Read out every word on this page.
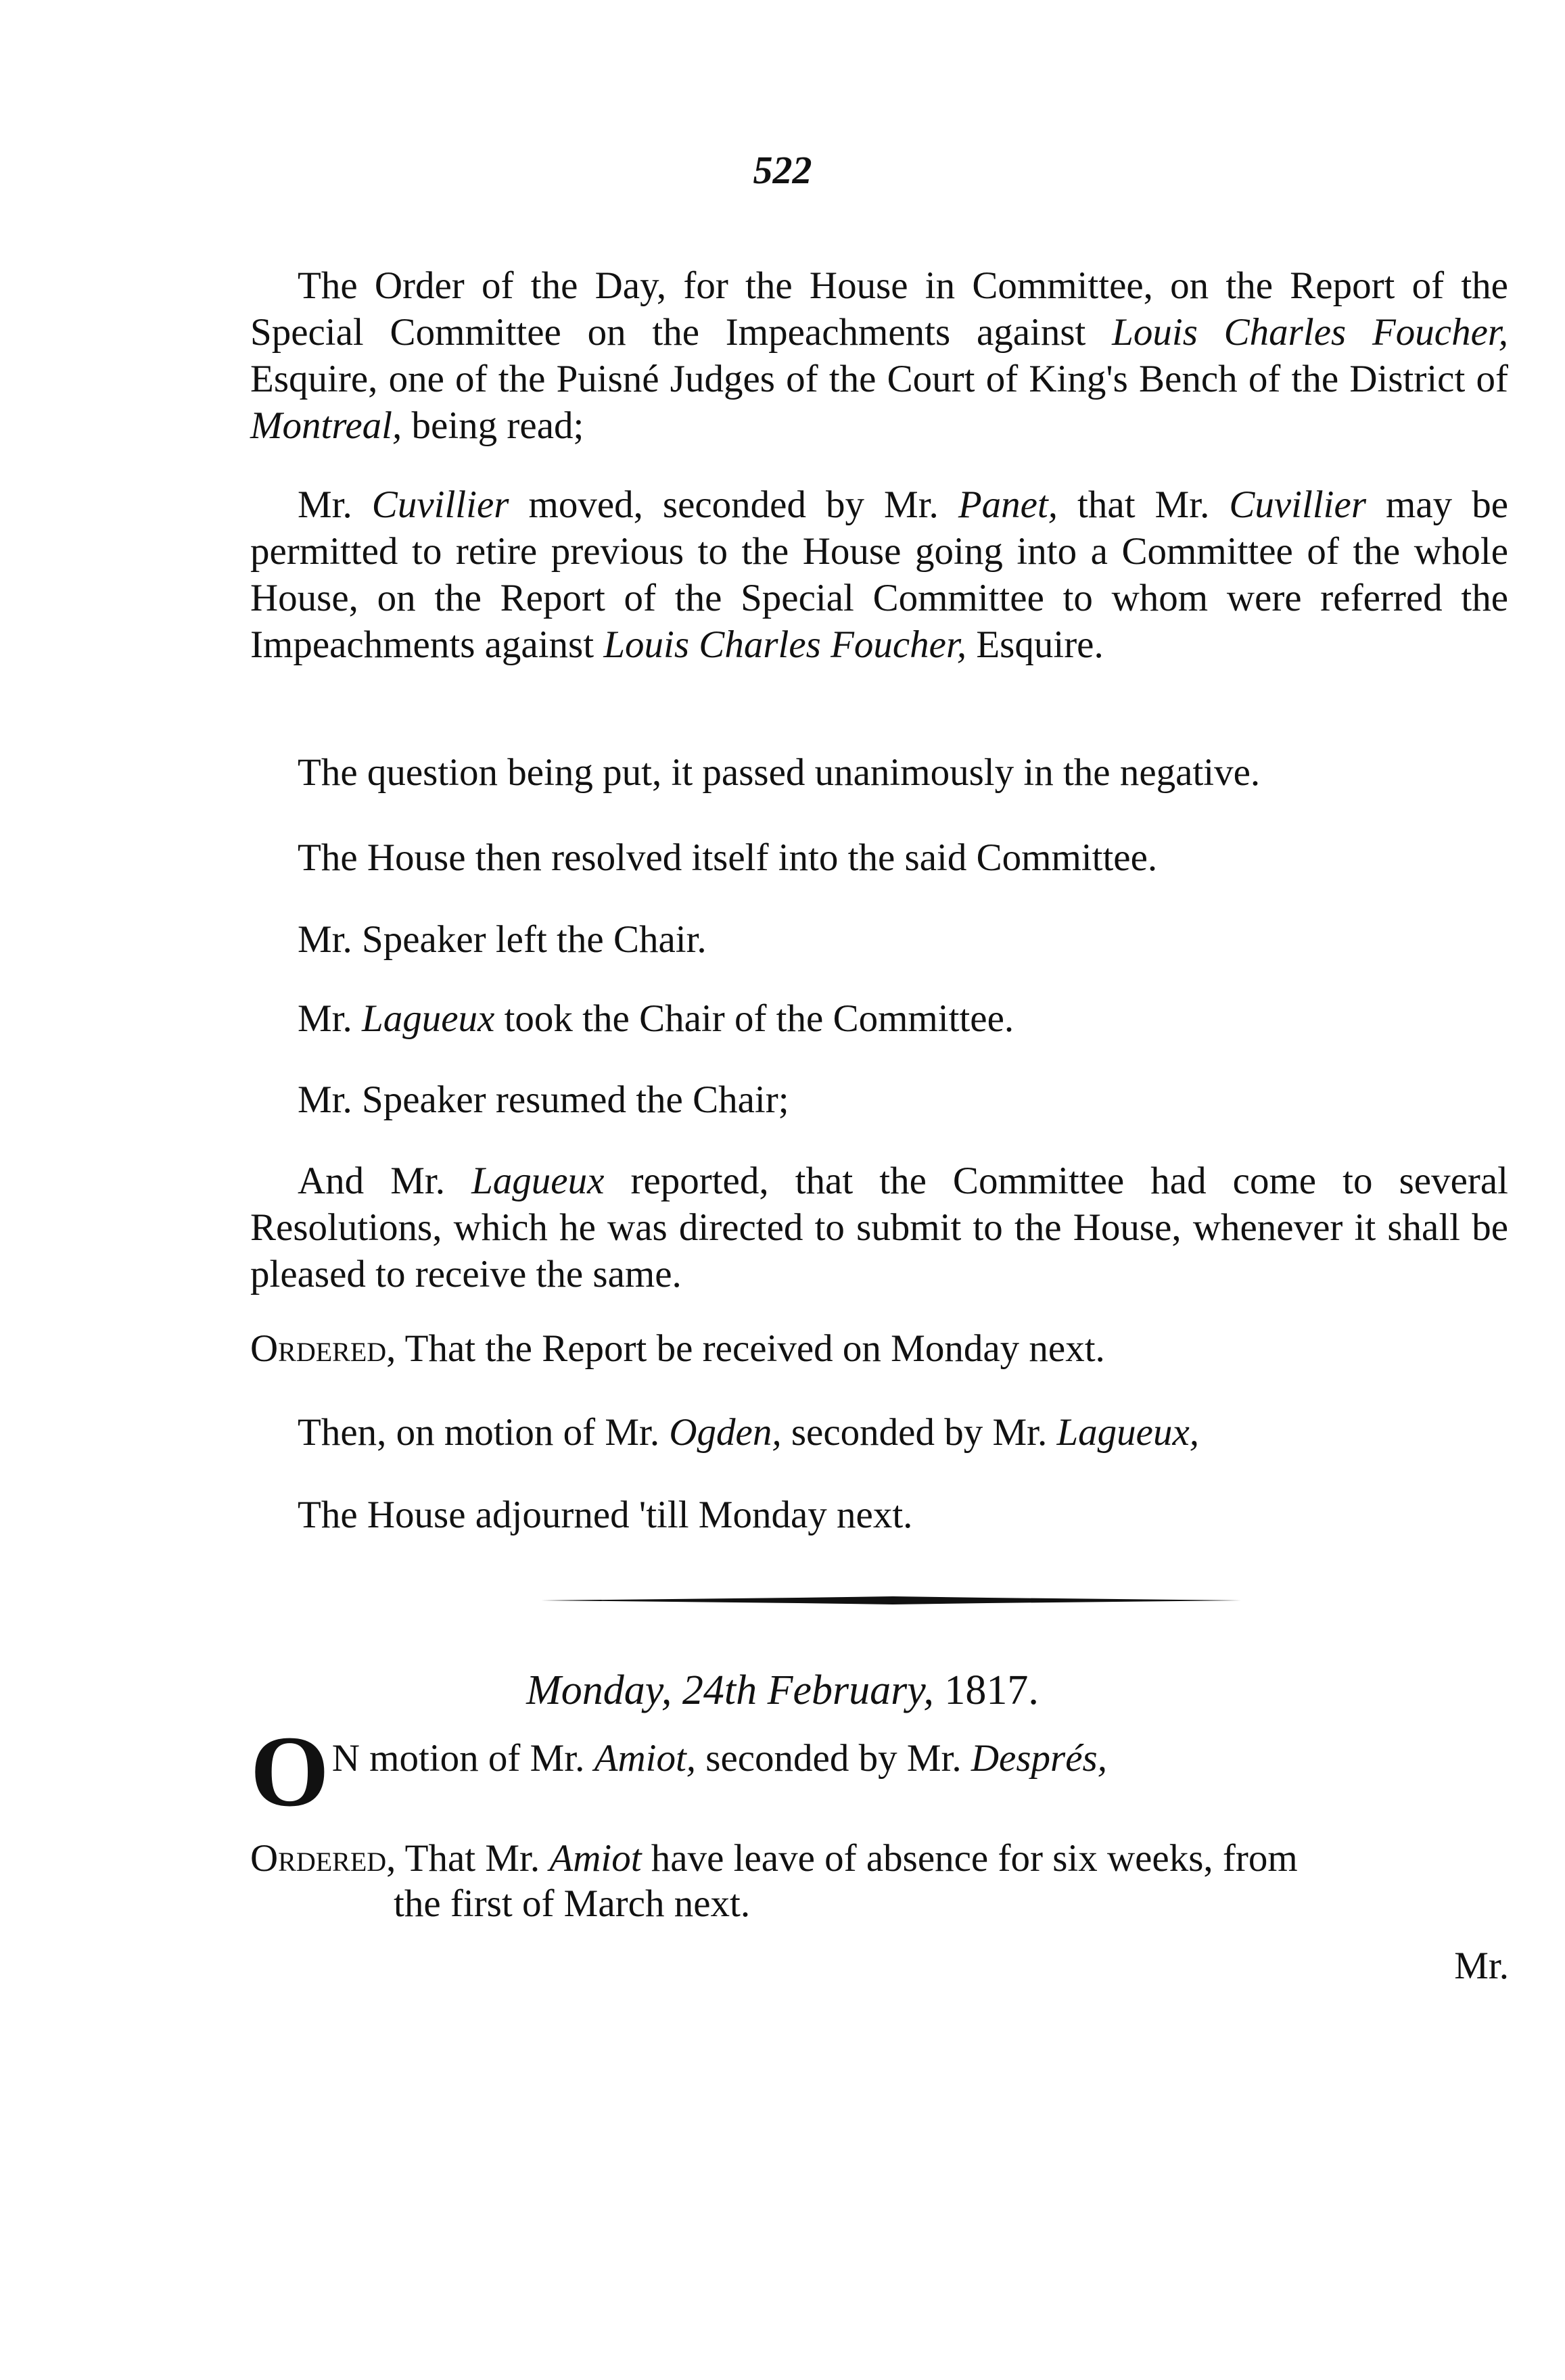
522

The Order of the Day, for the House in Committee, on the Report of the Special Committee on the Impeachments against Louis Charles Foucher, Esquire, one of the Puisné Judges of the Court of King's Bench of the District of Montreal, being read;

Mr. Cuvillier moved, seconded by Mr. Panet, that Mr. Cuvillier may be permitted to retire previous to the House going into a Committee of the whole House, on the Report of the Special Committee to whom were referred the Impeachments against Louis Charles Foucher, Esquire.

The question being put, it passed unanimously in the negative.

The House then resolved itself into the said Committee.

Mr. Speaker left the Chair.

Mr. Lagueux took the Chair of the Committee.

Mr. Speaker resumed the Chair;

And Mr. Lagueux reported, that the Committee had come to several Resolutions, which he was directed to submit to the House, whenever it shall be pleased to receive the same.

Ordered, That the Report be received on Monday next.

Then, on motion of Mr. Ogden, seconded by Mr. Lagueux,

The House adjourned 'till Monday next.

Monday, 24th February, 1817.
O N motion of Mr. Amiot, seconded by Mr. Després,
Ordered, That Mr. Amiot have leave of absence for six weeks, from
the first of March next.
Mr.
